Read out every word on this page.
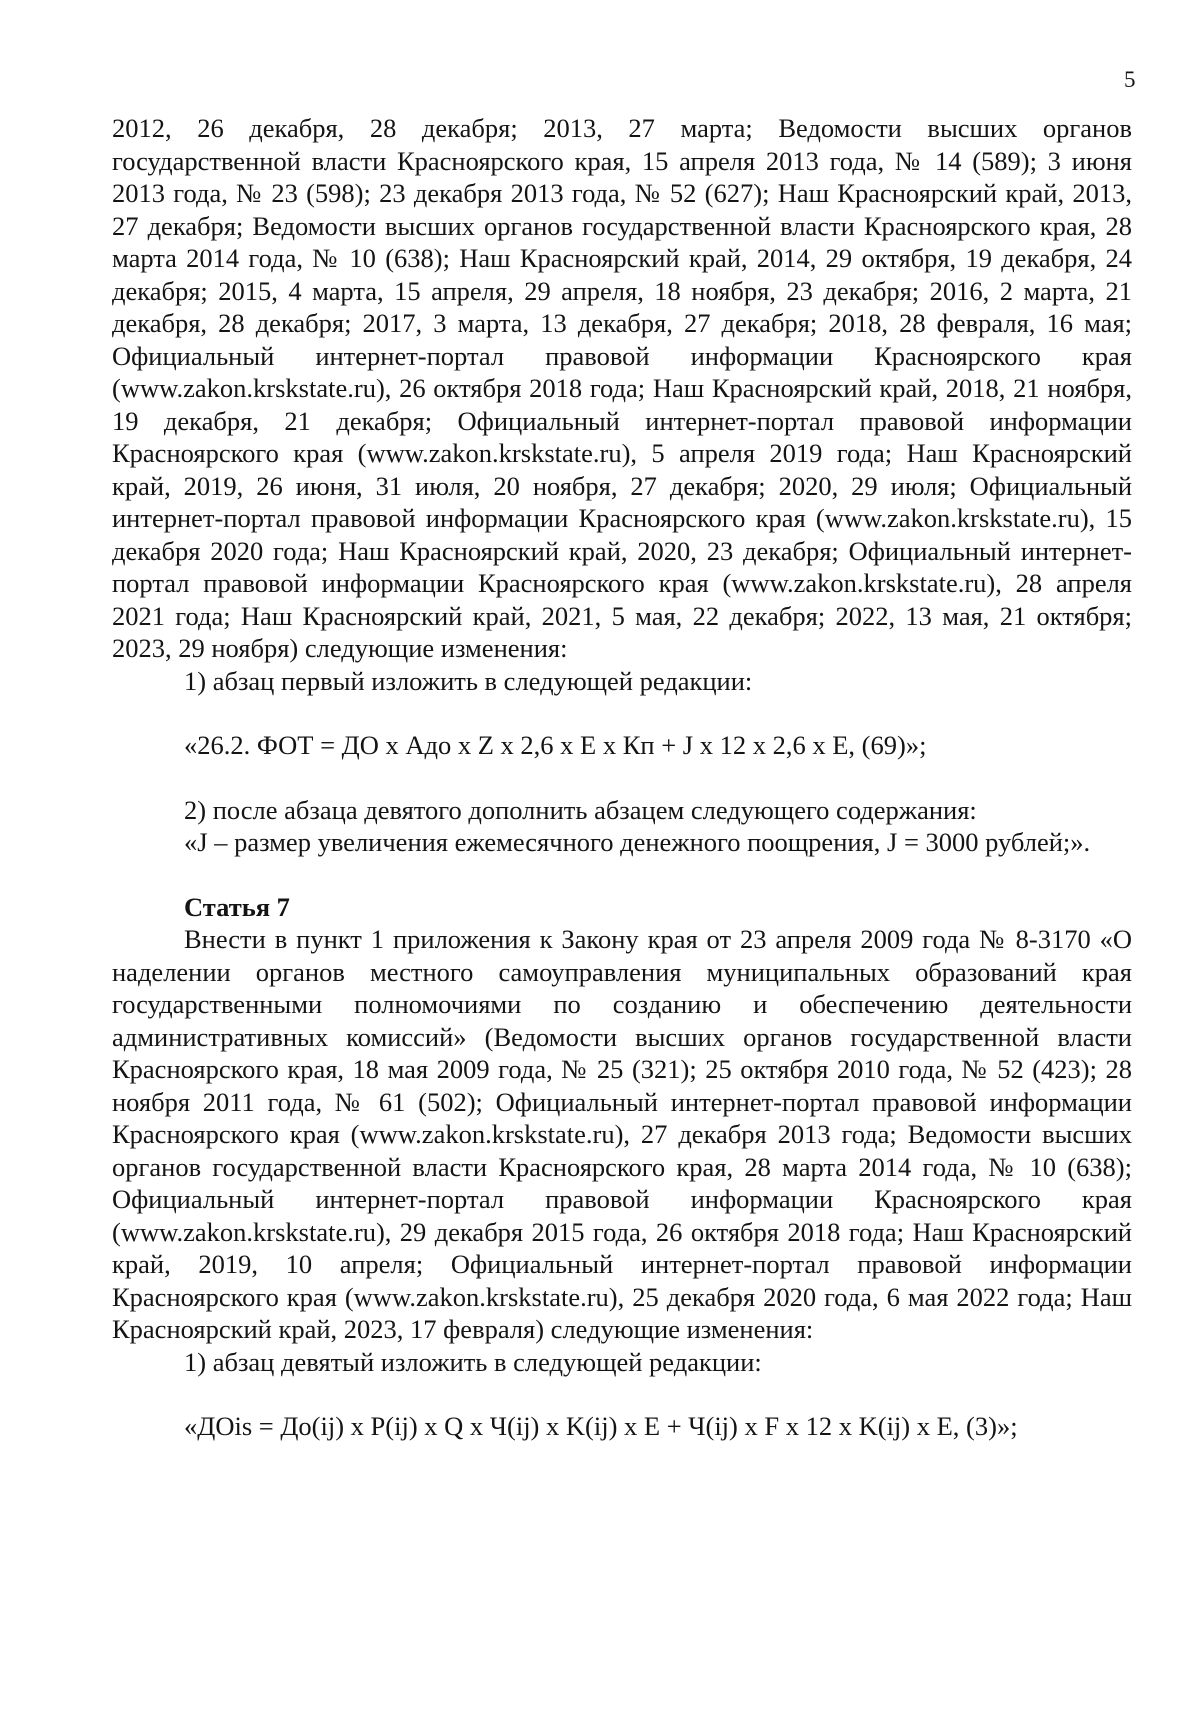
5

2012, 26 декабря, 28 декабря; 2013, 27 марта; Ведомости высших органов государственной власти Красноярского края, 15 апреля 2013 года, № 14 (589); 3 июня 2013 года, № 23 (598); 23 декабря 2013 года, № 52 (627); Наш Красноярский край, 2013, 27 декабря; Ведомости высших органов государственной власти Красноярского края, 28 марта 2014 года, № 10 (638); Наш Красноярский край, 2014, 29 октября, 19 декабря, 24 декабря; 2015, 4 марта, 15 апреля, 29 апреля, 18 ноября, 23 декабря; 2016, 2 марта, 21 декабря, 28 декабря; 2017, 3 марта, 13 декабря, 27 декабря; 2018, 28 февраля, 16 мая; Официальный интернет-портал правовой информации Красноярского края (www.zakon.krskstate.ru), 26 октября 2018 года; Наш Красноярский край, 2018, 21 ноября, 19 декабря, 21 декабря; Официальный интернет-портал правовой информации Красноярского края (www.zakon.krskstate.ru), 5 апреля 2019 года; Наш Красноярский край, 2019, 26 июня, 31 июля, 20 ноября, 27 декабря; 2020, 29 июля; Официальный интернет-портал правовой информации Красноярского края (www.zakon.krskstate.ru), 15 декабря 2020 года; Наш Красноярский край, 2020, 23 декабря; Официальный интернет-портал правовой информации Красноярского края (www.zakon.krskstate.ru), 28 апреля 2021 года; Наш Красноярский край, 2021, 5 мая, 22 декабря; 2022, 13 мая, 21 октября; 2023, 29 ноября) следующие изменения:

1) абзац первый изложить в следующей редакции:

«26.2. ФОТ = ДО x Адо x Z x 2,6 x E x Кп + J x 12 x 2,6 x E, (69)»;

2) после абзаца девятого дополнить абзацем следующего содержания:

«J – размер увеличения ежемесячного денежного поощрения, J = 3000 рублей;».

Статья 7

Внести в пункт 1 приложения к Закону края от 23 апреля 2009 года № 8-3170 «О наделении органов местного самоуправления муниципальных образований края государственными полномочиями по созданию и обеспечению деятельности административных комиссий» (Ведомости высших органов государственной власти Красноярского края, 18 мая 2009 года, № 25 (321); 25 октября 2010 года, № 52 (423); 28 ноября 2011 года, № 61 (502); Официальный интернет-портал правовой информации Красноярского края (www.zakon.krskstate.ru), 27 декабря 2013 года; Ведомости высших органов государственной власти Красноярского края, 28 марта 2014 года, № 10 (638); Официальный интернет-портал правовой информации Красноярского края (www.zakon.krskstate.ru), 29 декабря 2015 года, 26 октября 2018 года; Наш Красноярский край, 2019, 10 апреля; Официальный интернет-портал правовой информации Красноярского края (www.zakon.krskstate.ru), 25 декабря 2020 года, 6 мая 2022 года; Наш Красноярский край, 2023, 17 февраля) следующие изменения:

1) абзац девятый изложить в следующей редакции:

«ДОis = До(ij) x P(ij) x Q x Ч(ij) x K(ij) x E + Ч(ij) x F x 12 x K(ij) x E, (3)»;
